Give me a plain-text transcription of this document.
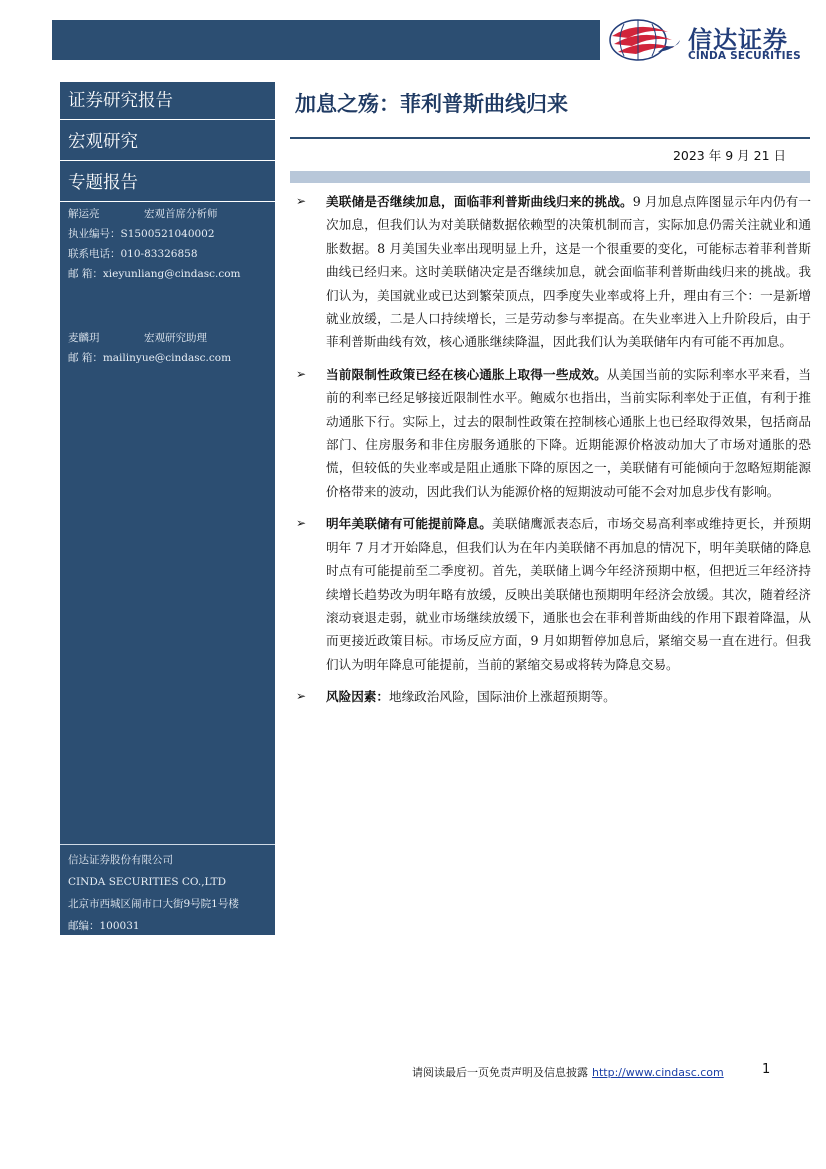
信达证券
CINDA SECURITIES
证券研究报告
宏观研究
专题报告
解运亮	宏观首席分析师
执业编号：S1500521040002
联系电话：010-83326858
邮 箱：xieyunliang@cindasc.com
麦麟玥	宏观研究助理
邮 箱：mailinyue@cindasc.com
信达证券股份有限公司
CINDA SECURITIES CO.,LTD
北京市西城区闹市口大街9号院1号楼
邮编：100031
加息之殇：菲利普斯曲线归来
2023 年 9 月 21 日
➢ 美联储是否继续加息，面临菲利普斯曲线归来的挑战。9 月加息点阵图显示年内仍有一次加息，但我们认为对美联储数据依赖型的决策机制而言，实际加息仍需关注就业和通胀数据。8 月美国失业率出现明显上升，这是一个很重要的变化，可能标志着菲利普斯曲线已经归来。这时美联储决定是否继续加息，就会面临菲利普斯曲线归来的挑战。我们认为，美国就业或已达到繁荣顶点，四季度失业率或将上升，理由有三个：一是新增就业放缓，二是人口持续增长，三是劳动参与率提高。在失业率进入上升阶段后，由于菲利普斯曲线有效，核心通胀继续降温，因此我们认为美联储年内有可能不再加息。

➢ 当前限制性政策已经在核心通胀上取得一些成效。从美国当前的实际利率水平来看，当前的利率已经足够接近限制性水平。鲍威尔也指出，当前实际利率处于正值，有利于推动通胀下行。实际上，过去的限制性政策在控制核心通胀上也已经取得效果，包括商品部门、住房服务和非住房服务通胀的下降。近期能源价格波动加大了市场对通胀的恐慌，但较低的失业率或是阻止通胀下降的原因之一，美联储有可能倾向于忽略短期能源价格带来的波动，因此我们认为能源价格的短期波动可能不会对加息步伐有影响。

➢ 明年美联储有可能提前降息。美联储鹰派表态后，市场交易高利率或维持更长，并预期明年 7 月才开始降息，但我们认为在年内美联储不再加息的情况下，明年美联储的降息时点有可能提前至二季度初。首先，美联储上调今年经济预期中枢，但把近三年经济持续增长趋势改为明年略有放缓，反映出美联储也预期明年经济会放缓。其次，随着经济滚动衰退走弱，就业市场继续放缓下，通胀也会在菲利普斯曲线的作用下跟着降温，从而更接近政策目标。市场反应方面，9 月如期暂停加息后，紧缩交易一直在进行。但我们认为明年降息可能提前，当前的紧缩交易或将转为降息交易。

➢ 风险因素：地缘政治风险，国际油价上涨超预期等。

请阅读最后一页免责声明及信息披露 http://www.cindasc.com	1
